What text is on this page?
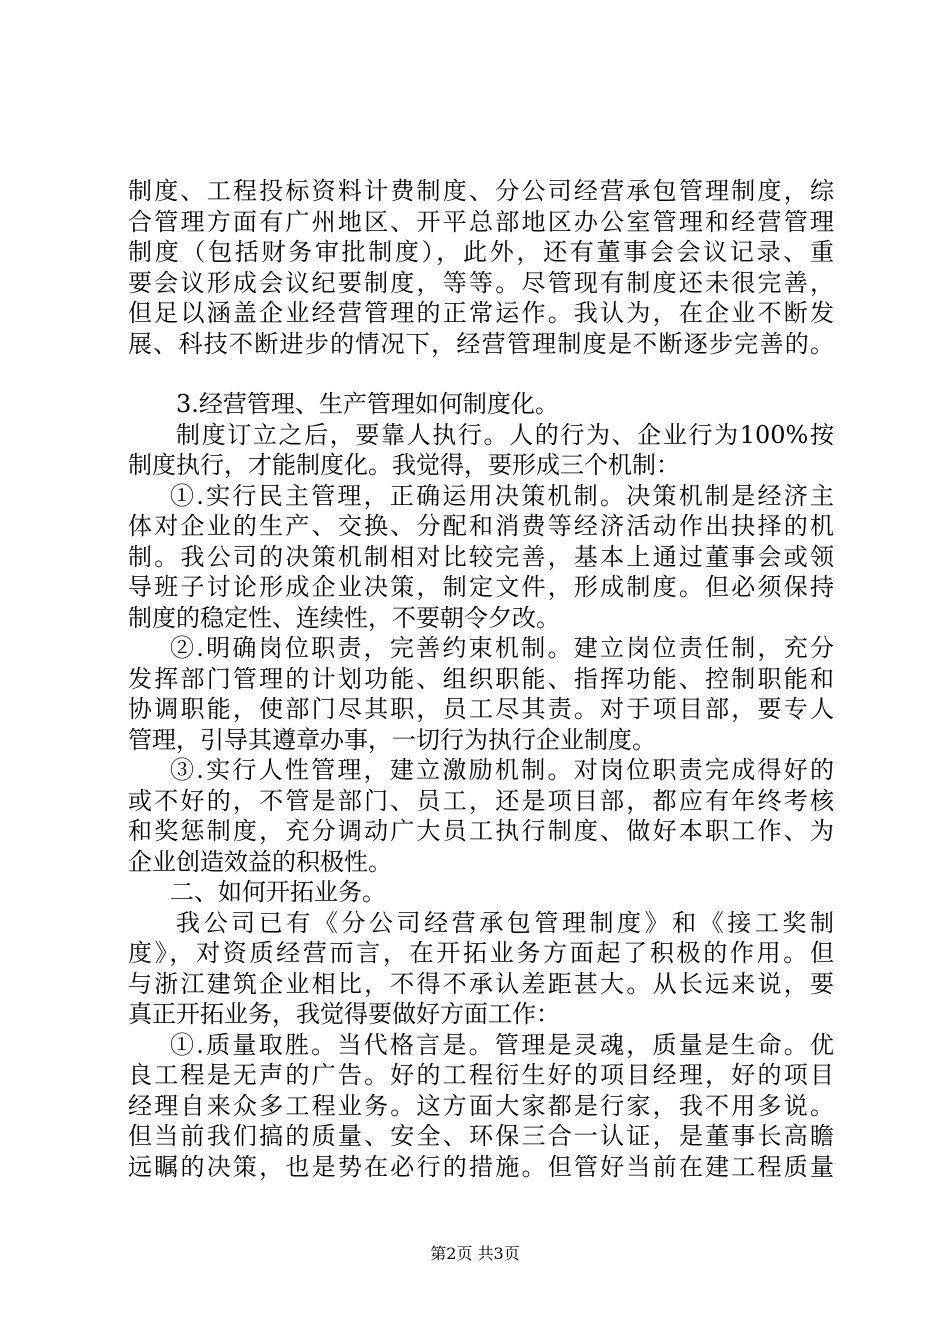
制度、工程投标资料计费制度、分公司经营承包管理制度，综
合管理方面有广州地区、开平总部地区办公室管理和经营管理
制度（包括财务审批制度），此外，还有董事会会议记录、重
要会议形成会议纪要制度，等等。尽管现有制度还未很完善，
但足以涵盖企业经营管理的正常运作。我认为，在企业不断发
展、科技不断进步的情况下，经营管理制度是不断逐步完善的。
3.经营管理、生产管理如何制度化。
制度订立之后，要靠人执行。人的行为、企业行为100%按
制度执行，才能制度化。我觉得，要形成三个机制：
①.实行民主管理，正确运用决策机制。决策机制是经济主
体对企业的生产、交换、分配和消费等经济活动作出抉择的机
制。我公司的决策机制相对比较完善，基本上通过董事会或领
导班子讨论形成企业决策，制定文件，形成制度。但必须保持
制度的稳定性、连续性，不要朝令夕改。
②.明确岗位职责，完善约束机制。建立岗位责任制，充分
发挥部门管理的计划功能、组织职能、指挥功能、控制职能和
协调职能，使部门尽其职，员工尽其责。对于项目部，要专人
管理，引导其遵章办事，一切行为执行企业制度。
③.实行人性管理，建立激励机制。对岗位职责完成得好的
或不好的，不管是部门、员工，还是项目部，都应有年终考核
和奖惩制度，充分调动广大员工执行制度、做好本职工作、为
企业创造效益的积极性。
二、如何开拓业务。
我公司已有《分公司经营承包管理制度》和《接工奖制
度》，对资质经营而言，在开拓业务方面起了积极的作用。但
与浙江建筑企业相比，不得不承认差距甚大。从长远来说，要
真正开拓业务，我觉得要做好方面工作：
①.质量取胜。当代格言是。管理是灵魂，质量是生命。优
良工程是无声的广告。好的工程衍生好的项目经理，好的项目
经理自来众多工程业务。这方面大家都是行家，我不用多说。
但当前我们搞的质量、安全、环保三合一认证，是董事长高瞻
远瞩的决策，也是势在必行的措施。但管好当前在建工程质量
第2页 共3页
